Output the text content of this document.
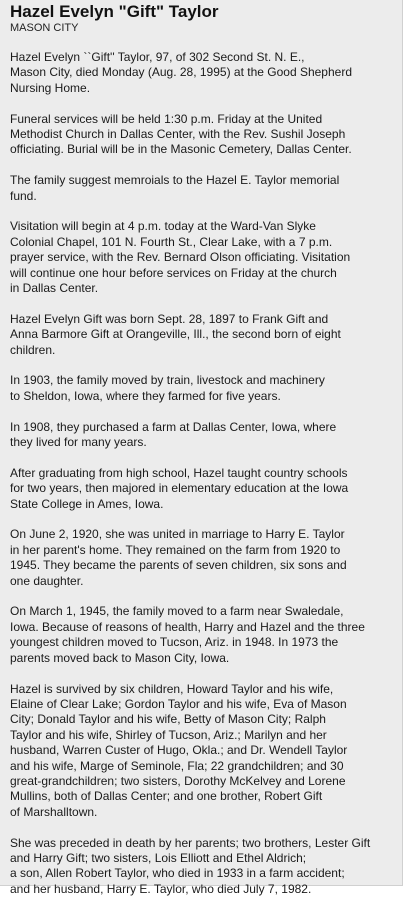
Hazel Evelyn "Gift" Taylor
MASON CITY

Hazel Evelyn ``Gift'' Taylor, 97, of 302 Second St. N. E.,
Mason City, died Monday (Aug. 28, 1995) at the Good Shepherd
Nursing Home.

Funeral services will be held 1:30 p.m. Friday at the United
Methodist Church in Dallas Center, with the Rev. Sushil Joseph
officiating. Burial will be in the Masonic Cemetery, Dallas Center.

The family suggest memroials to the Hazel E. Taylor memorial
fund.

Visitation will begin at 4 p.m. today at the Ward-Van Slyke
Colonial Chapel, 101 N. Fourth St., Clear Lake, with a 7 p.m.
prayer service, with the Rev. Bernard Olson officiating. Visitation
will continue one hour before services on Friday at the church
in Dallas Center.

Hazel Evelyn Gift was born Sept. 28, 1897 to Frank Gift and
Anna Barmore Gift at Orangeville, Ill., the second born of eight
children.

In 1903, the family moved by train, livestock and machinery
to Sheldon, Iowa, where they farmed for five years.

In 1908, they purchased a farm at Dallas Center, Iowa, where
they lived for many years.

After graduating from high school, Hazel taught country schools
for two years, then majored in elementary education at the Iowa
State College in Ames, Iowa.

On June 2, 1920, she was united in marriage to Harry E. Taylor
in her parent's home. They remained on the farm from 1920 to
1945. They became the parents of seven children, six sons and
one daughter.

On March 1, 1945, the family moved to a farm near Swaledale,
Iowa. Because of reasons of health, Harry and Hazel and the three
youngest children moved to Tucson, Ariz. in 1948. In 1973 the
parents moved back to Mason City, Iowa.

Hazel is survived by six children, Howard Taylor and his wife,
Elaine of Clear Lake; Gordon Taylor and his wife, Eva of Mason
City; Donald Taylor and his wife, Betty of Mason City; Ralph
Taylor and his wife, Shirley of Tucson, Ariz.; Marilyn and her
husband, Warren Custer of Hugo, Okla.; and Dr. Wendell Taylor
and his wife, Marge of Seminole, Fla; 22 grandchildren; and 30
great-grandchildren; two sisters, Dorothy McKelvey and Lorene
Mullins, both of Dallas Center; and one brother, Robert Gift
of Marshalltown.

She was preceded in death by her parents; two brothers, Lester Gift
and Harry Gift; two sisters, Lois Elliott and Ethel Aldrich;
a son, Allen Robert Taylor, who died in 1933 in a farm accident;
and her husband, Harry E. Taylor, who died July 7, 1982.
